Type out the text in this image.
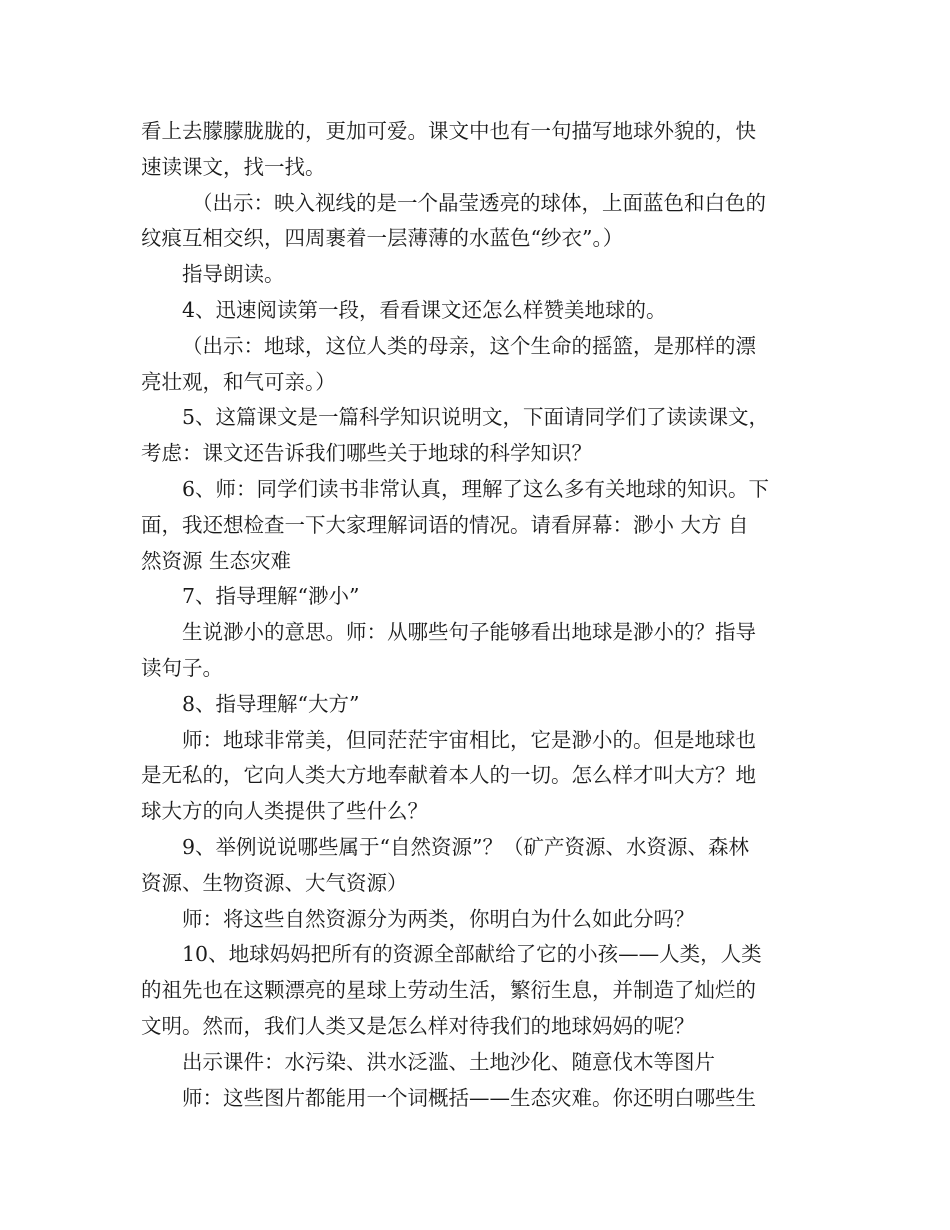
看上去朦朦胧胧的，更加可爱。课文中也有一句描写地球外貌的，快

速读课文，找一找。

（出示：映入视线的是一个晶莹透亮的球体，上面蓝色和白色的

纹痕互相交织，四周裹着一层薄薄的水蓝色“纱衣”。）

指导朗读。

4、迅速阅读第一段，看看课文还怎么样赞美地球的。

（出示：地球，这位人类的母亲，这个生命的摇篮，是那样的漂

亮壮观，和气可亲。）

5、这篇课文是一篇科学知识说明文，下面请同学们了读读课文，

考虑：课文还告诉我们哪些关于地球的科学知识？

6、师：同学们读书非常认真，理解了这么多有关地球的知识。下

面，我还想检查一下大家理解词语的情况。请看屏幕：渺小 大方 自

然资源 生态灾难

7、指导理解“渺小”

生说渺小的意思。师：从哪些句子能够看出地球是渺小的？指导

读句子。

8、指导理解“大方”

师：地球非常美，但同茫茫宇宙相比，它是渺小的。但是地球也

是无私的，它向人类大方地奉献着本人的一切。怎么样才叫大方？地

球大方的向人类提供了些什么？

9、举例说说哪些属于“自然资源”？（矿产资源、水资源、森林

资源、生物资源、大气资源）

师：将这些自然资源分为两类，你明白为什么如此分吗？

10、地球妈妈把所有的资源全部献给了它的小孩——人类，人类

的祖先也在这颗漂亮的星球上劳动生活，繁衍生息，并制造了灿烂的

文明。然而，我们人类又是怎么样对待我们的地球妈妈的呢？

出示课件：水污染、洪水泛滥、土地沙化、随意伐木等图片

师：这些图片都能用一个词概括——生态灾难。你还明白哪些生
